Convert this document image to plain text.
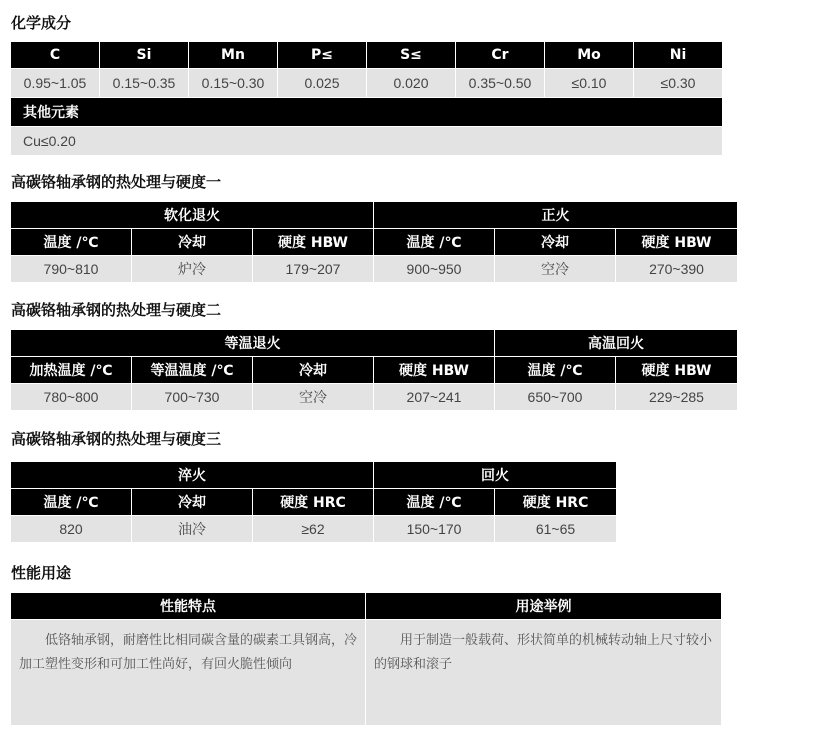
化学成分
C	Si	Mn	P≤	S≤	Cr	Mo	Ni
0.95~1.05	0.15~0.35	0.15~0.30	0.025	0.020	0.35~0.50	≤0.10	≤0.30
其他元素							
Cu≤0.20							
高碳铬轴承钢的热处理与硬度一
软化退火			正火		
温度 /℃	冷却	硬度 HBW	温度 /℃	冷却	硬度 HBW
790~810	炉冷	179~207	900~950	空冷	270~390
高碳铬轴承钢的热处理与硬度二
等温退火				高温回火	
加热温度 /℃	等温温度 /℃	冷却	硬度 HBW	温度 /℃	硬度 HBW
780~800	700~730	空冷	207~241	650~700	229~285
高碳铬轴承钢的热处理与硬度三
淬火			回火	
温度 /℃	冷却	硬度 HRC	温度 /℃	硬度 HRC
820	油冷	≥62	150~170	61~65
性能用途
性能特点	用途举例
低铬轴承钢，耐磨性比相同碳含量的碳素工具钢高，冷加工塑性变形和可加工性尚好，有回火脆性倾向	用于制造一般载荷、形状简单的机械转动轴上尺寸较小的钢球和滚子
